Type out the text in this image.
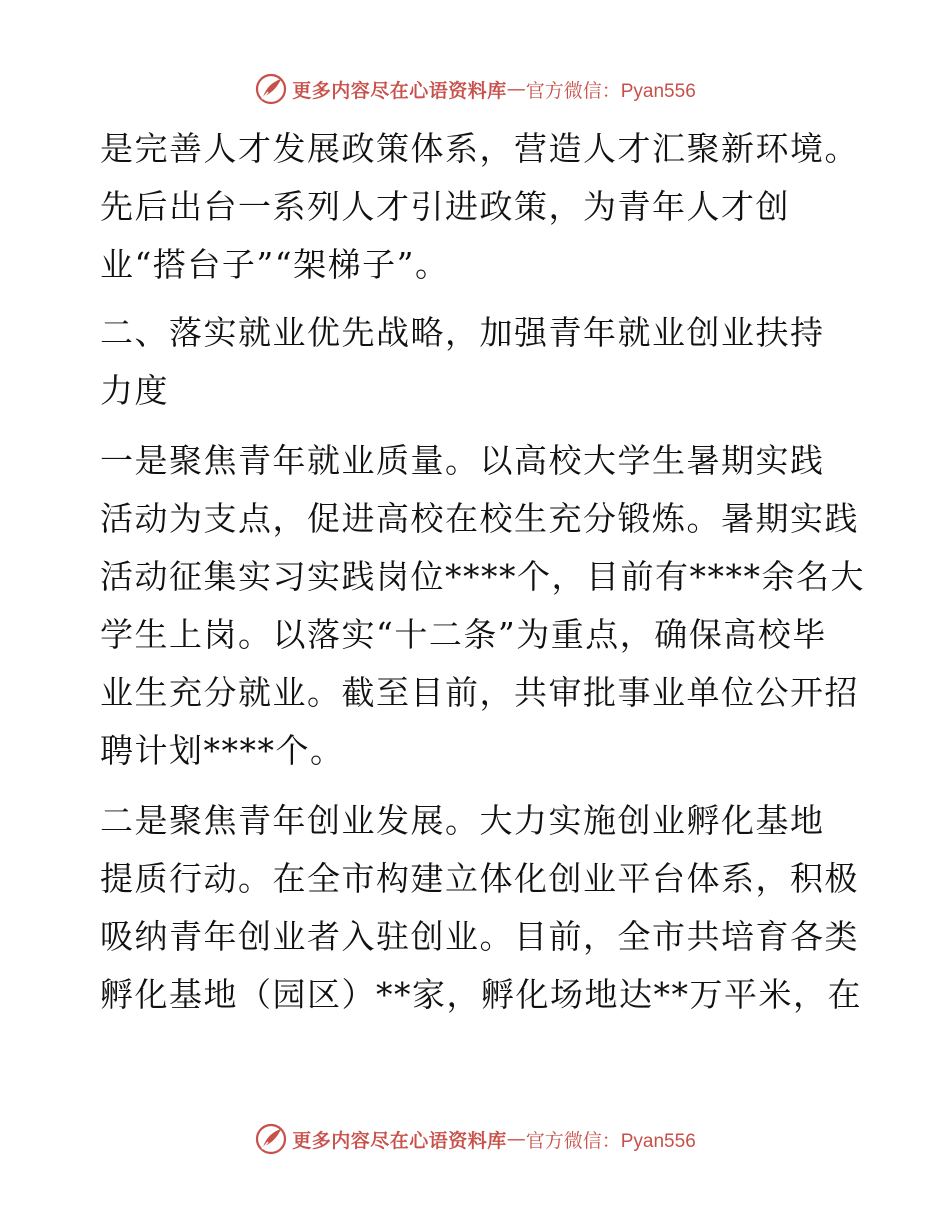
更多内容尽在心语资料库 — 官方微信：Pyan556
是完善人才发展政策体系，营造人才汇聚新环境。
先后出台一系列人才引进政策，为青年人才创
业“搭台子”“架梯子”。
二、落实就业优先战略，加强青年就业创业扶持
力度
一是聚焦青年就业质量。以高校大学生暑期实践
活动为支点，促进高校在校生充分锻炼。暑期实践
活动征集实习实践岗位****个，目前有****余名大
学生上岗。以落实“十二条”为重点，确保高校毕
业生充分就业。截至目前，共审批事业单位公开招
聘计划****个。
二是聚焦青年创业发展。大力实施创业孵化基地
提质行动。在全市构建立体化创业平台体系，积极
吸纳青年创业者入驻创业。目前，全市共培育各类
孵化基地（园区）**家，孵化场地达**万平米，在
更多内容尽在心语资料库 — 官方微信：Pyan556
